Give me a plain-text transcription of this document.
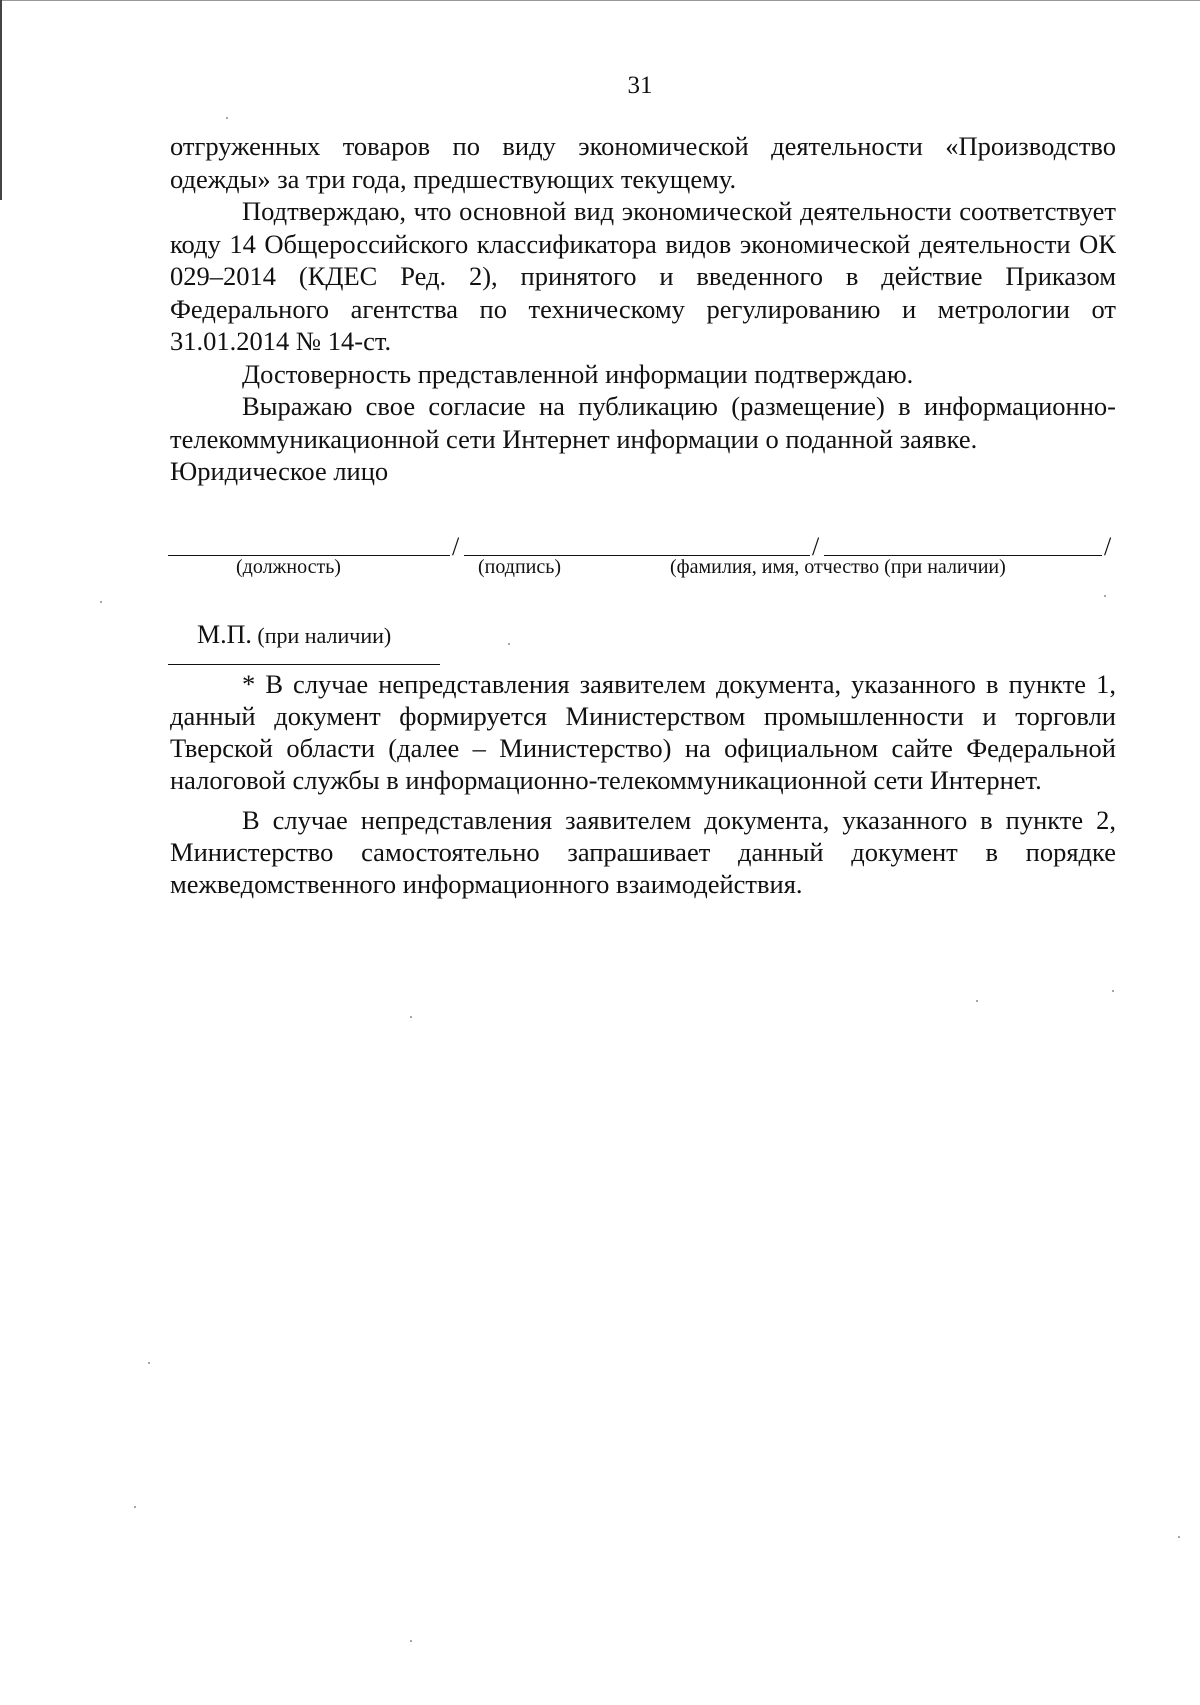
31

отгруженных товаров по виду экономической деятельности «Производство одежды» за три года, предшествующих текущему.

Подтверждаю, что основной вид экономической деятельности соответствует коду 14 Общероссийского классификатора видов экономической деятельности ОК 029–2014 (КДЕС Ред. 2), принятого и введенного в действие Приказом Федерального агентства по техническому регулированию и метрологии от 31.01.2014 № 14-ст.

Достоверность представленной информации подтверждаю.

Выражаю свое согласие на публикацию (размещение) в информационно-телекоммуникационной сети Интернет информации о поданной заявке.

Юридическое лицо

/	/	/
(должность)	(подпись)	(фамилия, имя, отчество (при наличии)
М.П. (при наличии)

* В случае непредставления заявителем документа, указанного в пункте 1, данный документ формируется Министерством промышленности и торговли Тверской области (далее – Министерство) на официальном сайте Федеральной налоговой службы в информационно-телекоммуникационной сети Интернет.

В случае непредставления заявителем документа, указанного в пункте 2, Министерство самостоятельно запрашивает данный документ в порядке межведомственного информационного взаимодействия.
